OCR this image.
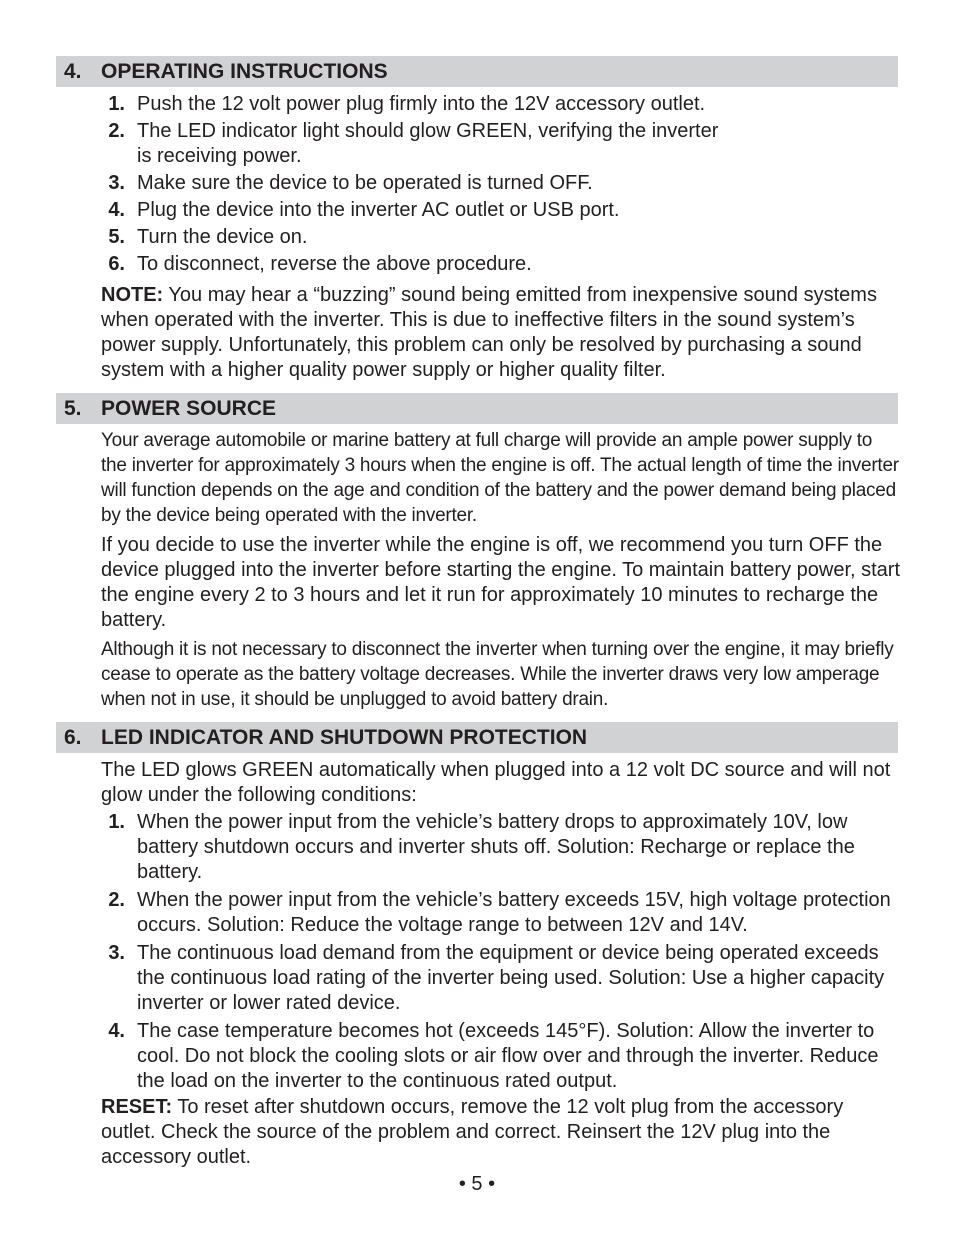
4. OPERATING INSTRUCTIONS
1. Push the 12 volt power plug firmly into the 12V accessory outlet.
2. The LED indicator light should glow GREEN, verifying the inverter
is receiving power.
3. Make sure the device to be operated is turned OFF.
4. Plug the device into the inverter AC outlet or USB port.
5. Turn the device on.
6. To disconnect, reverse the above procedure.

NOTE: You may hear a “buzzing” sound being emitted from inexpensive sound systems when operated with the inverter. This is due to ineffective filters in the sound system’s power supply. Unfortunately, this problem can only be resolved by purchasing a sound system with a higher quality power supply or higher quality filter.

5. POWER SOURCE

Your average automobile or marine battery at full charge will provide an ample power supply to the inverter for approximately 3 hours when the engine is off. The actual length of time the inverter will function depends on the age and condition of the battery and the power demand being placed by the device being operated with the inverter.

If you decide to use the inverter while the engine is off, we recommend you turn OFF the device plugged into the inverter before starting the engine. To maintain battery power, start the engine every 2 to 3 hours and let it run for approximately 10 minutes to recharge the battery.

Although it is not necessary to disconnect the inverter when turning over the engine, it may briefly cease to operate as the battery voltage decreases. While the inverter draws very low amperage when not in use, it should be unplugged to avoid battery drain.

6. LED INDICATOR AND SHUTDOWN PROTECTION

The LED glows GREEN automatically when plugged into a 12 volt DC source and will not glow under the following conditions:

1. When the power input from the vehicle’s battery drops to approximately 10V, low battery shutdown occurs and inverter shuts off. Solution: Recharge or replace the battery.
2. When the power input from the vehicle’s battery exceeds 15V, high voltage protection occurs. Solution: Reduce the voltage range to between 12V and 14V.
3. The continuous load demand from the equipment or device being operated exceeds the continuous load rating of the inverter being used. Solution: Use a higher capacity inverter or lower rated device.
4. The case temperature becomes hot (exceeds 145°F). Solution: Allow the inverter to cool. Do not block the cooling slots or air flow over and through the inverter. Reduce the load on the inverter to the continuous rated output.

RESET: To reset after shutdown occurs, remove the 12 volt plug from the accessory outlet. Check the source of the problem and correct. Reinsert the 12V plug into the accessory outlet.

• 5 •
